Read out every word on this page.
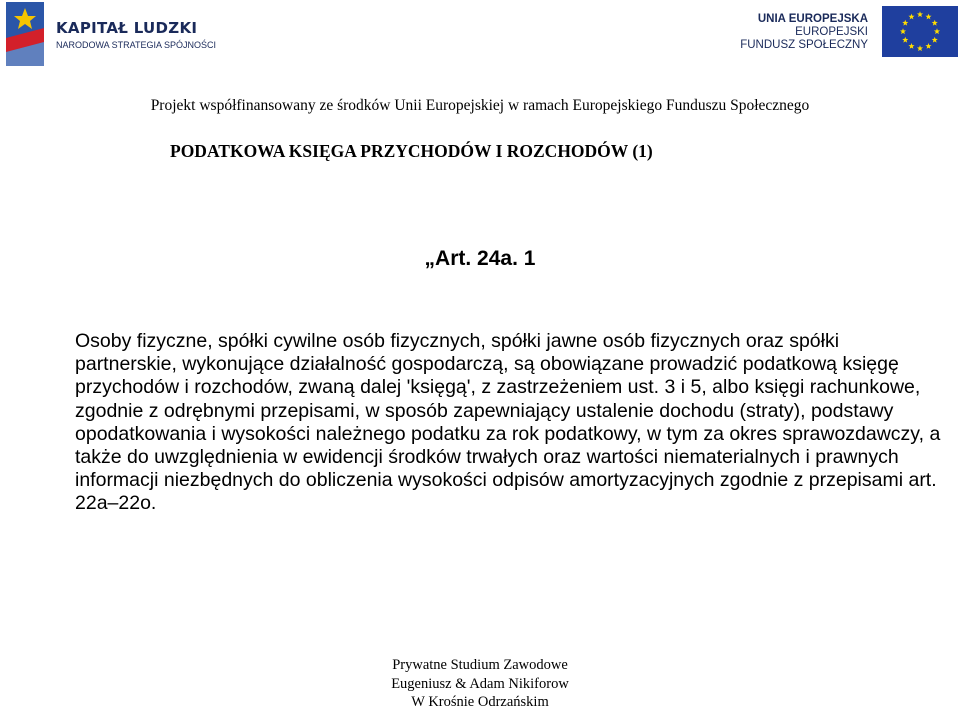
KAPITAŁ LUDZKI
NARODOWA STRATEGIA SPÓJNOŚCI
UNIA EUROPEJSKA
EUROPEJSKI
FUNDUSZ SPOŁECZNY
Projekt współfinansowany ze środków Unii Europejskiej w ramach Europejskiego Funduszu Społecznego
PODATKOWA KSIĘGA PRZYCHODÓW I ROZCHODÓW (1)
„Art. 24a. 1
Osoby fizyczne, spółki cywilne osób fizycznych, spółki jawne osób fizycznych oraz spółki partnerskie, wykonujące działalność gospodarczą, są obowiązane prowadzić podatkową księgę przychodów i rozchodów, zwaną dalej 'księgą', z zastrzeżeniem ust. 3 i 5, albo księgi rachunkowe, zgodnie z odrębnymi przepisami, w sposób zapewniający ustalenie dochodu (straty), podstawy opodatkowania i wysokości należnego podatku za rok podatkowy, w tym za okres sprawozdawczy, a także do uwzględnienia w ewidencji środków trwałych oraz wartości niematerialnych i prawnych informacji niezbędnych do obliczenia wysokości odpisów amortyzacyjnych zgodnie z przepisami art. 22a–22o.
Prywatne Studium Zawodowe
Eugeniusz & Adam Nikiforow
W Krośnie Odrzańskim
